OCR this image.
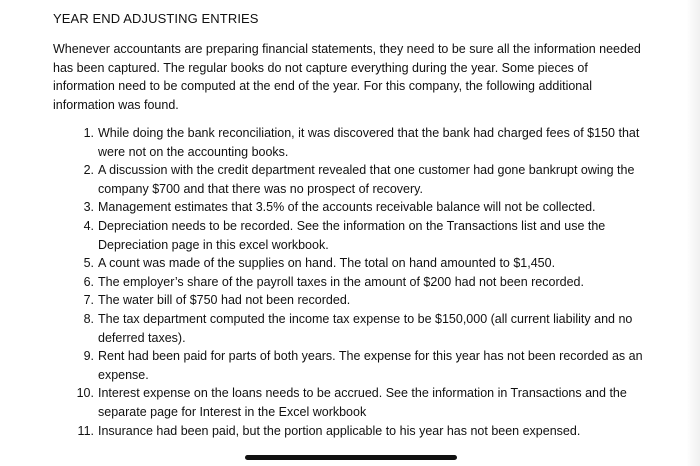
YEAR END ADJUSTING ENTRIES

Whenever accountants are preparing financial statements, they need to be sure all the information needed has been captured. The regular books do not capture everything during the year. Some pieces of information need to be computed at the end of the year. For this company, the following additional information was found.

1. While doing the bank reconciliation, it was discovered that the bank had charged fees of $150 that were not on the accounting books.
2. A discussion with the credit department revealed that one customer had gone bankrupt owing the company $700 and that there was no prospect of recovery.
3. Management estimates that 3.5% of the accounts receivable balance will not be collected.
4. Depreciation needs to be recorded. See the information on the Transactions list and use the Depreciation page in this excel workbook.
5. A count was made of the supplies on hand. The total on hand amounted to $1,450.
6. The employer’s share of the payroll taxes in the amount of $200 had not been recorded.
7. The water bill of $750 had not been recorded.
8. The tax department computed the income tax expense to be $150,000 (all current liability and no deferred taxes).
9. Rent had been paid for parts of both years. The expense for this year has not been recorded as an expense.
10. Interest expense on the loans needs to be accrued. See the information in Transactions and the separate page for Interest in the Excel workbook
11. Insurance had been paid, but the portion applicable to his year has not been expensed.
